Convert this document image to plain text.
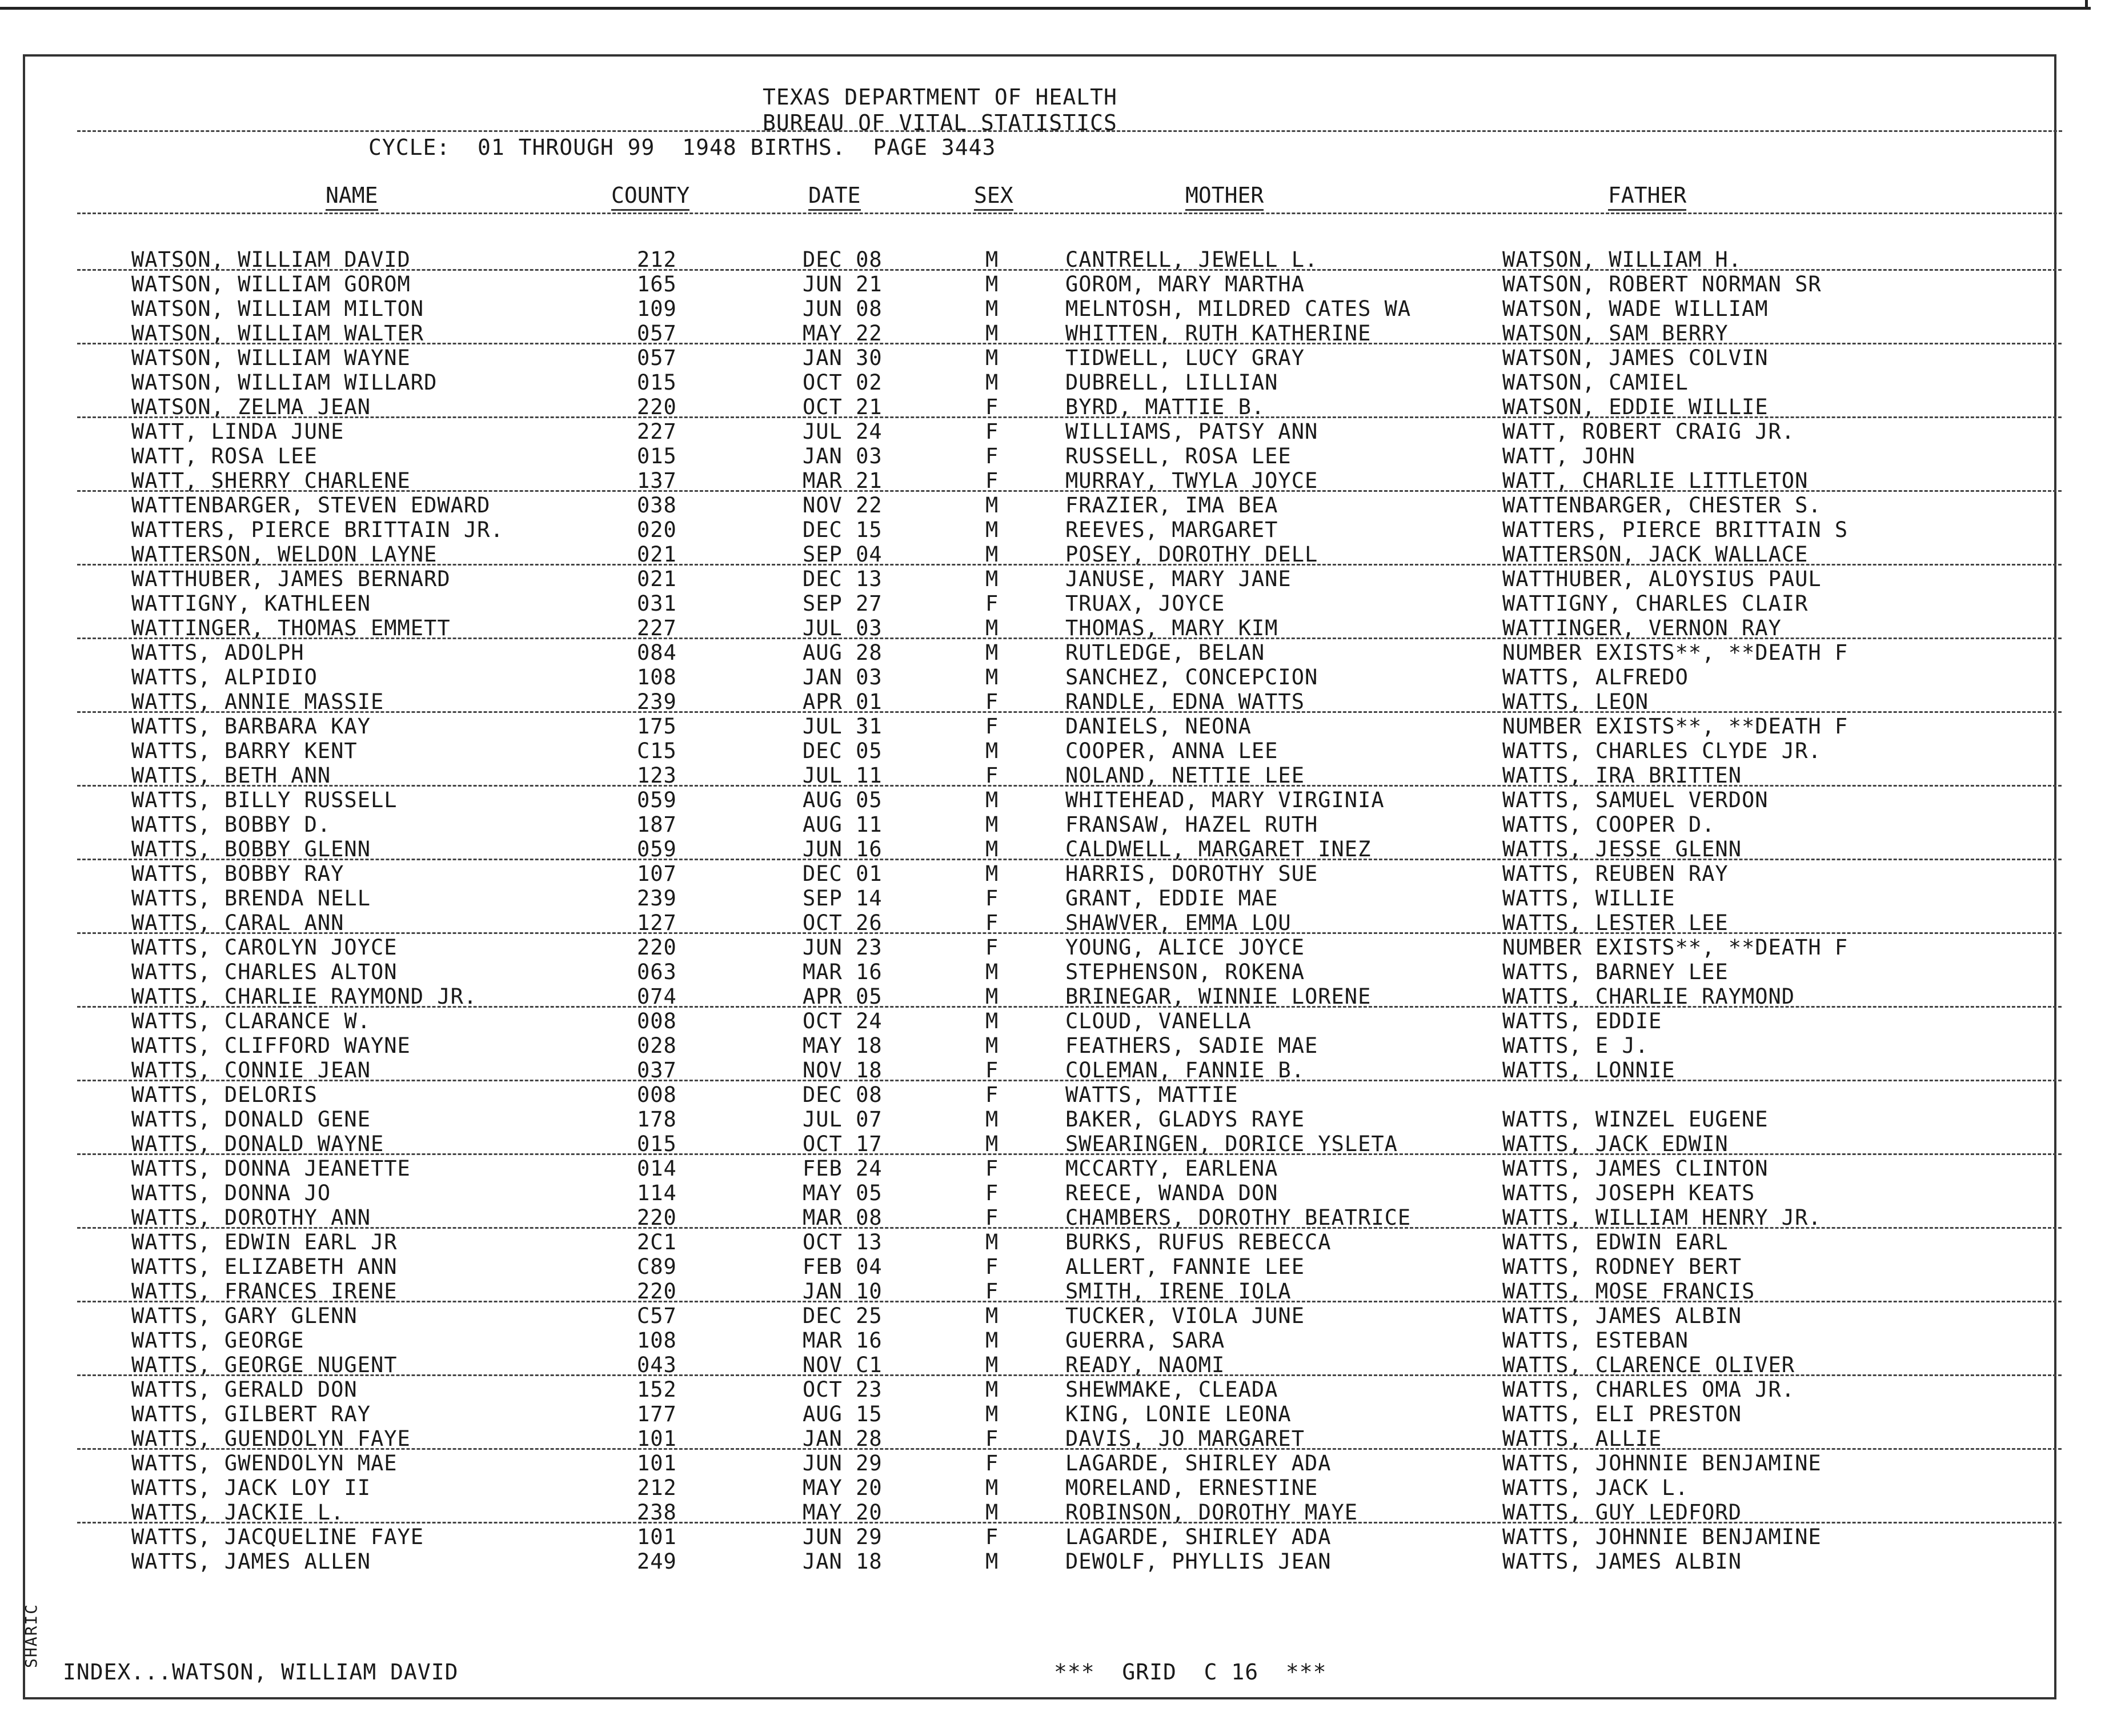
SHARIC
TEXAS DEPARTMENT OF HEALTH
BUREAU OF VITAL STATISTICS
CYCLE:  01 THROUGH 99  1948 BIRTHS.  PAGE 3443
NAME	COUNTY	DATE	SEX	MOTHER	FATHER
WATSON, WILLIAM DAVID	212	DEC 08	M	CANTRELL, JEWELL L.	WATSON, WILLIAM H.
WATSON, WILLIAM GOROM	165	JUN 21	M	GOROM, MARY MARTHA	WATSON, ROBERT NORMAN SR
WATSON, WILLIAM MILTON	109	JUN 08	M	MELNTOSH, MILDRED CATES WA	WATSON, WADE WILLIAM
WATSON, WILLIAM WALTER	057	MAY 22	M	WHITTEN, RUTH KATHERINE	WATSON, SAM BERRY
WATSON, WILLIAM WAYNE	057	JAN 30	M	TIDWELL, LUCY GRAY	WATSON, JAMES COLVIN
WATSON, WILLIAM WILLARD	015	OCT 02	M	DUBRELL, LILLIAN	WATSON, CAMIEL
WATSON, ZELMA JEAN	220	OCT 21	F	BYRD, MATTIE B.	WATSON, EDDIE WILLIE
WATT, LINDA JUNE	227	JUL 24	F	WILLIAMS, PATSY ANN	WATT, ROBERT CRAIG JR.
WATT, ROSA LEE	015	JAN 03	F	RUSSELL, ROSA LEE	WATT, JOHN
WATT, SHERRY CHARLENE	137	MAR 21	F	MURRAY, TWYLA JOYCE	WATT, CHARLIE LITTLETON
WATTENBARGER, STEVEN EDWARD	038	NOV 22	M	FRAZIER, IMA BEA	WATTENBARGER, CHESTER S.
WATTERS, PIERCE BRITTAIN JR.	020	DEC 15	M	REEVES, MARGARET	WATTERS, PIERCE BRITTAIN S
WATTERSON, WELDON LAYNE	021	SEP 04	M	POSEY, DOROTHY DELL	WATTERSON, JACK WALLACE
WATTHUBER, JAMES BERNARD	021	DEC 13	M	JANUSE, MARY JANE	WATTHUBER, ALOYSIUS PAUL
WATTIGNY, KATHLEEN	031	SEP 27	F	TRUAX, JOYCE	WATTIGNY, CHARLES CLAIR
WATTINGER, THOMAS EMMETT	227	JUL 03	M	THOMAS, MARY KIM	WATTINGER, VERNON RAY
WATTS, ADOLPH	084	AUG 28	M	RUTLEDGE, BELAN	NUMBER EXISTS**, **DEATH F
WATTS, ALPIDIO	108	JAN 03	M	SANCHEZ, CONCEPCION	WATTS, ALFREDO
WATTS, ANNIE MASSIE	239	APR 01	F	RANDLE, EDNA WATTS	WATTS, LEON
WATTS, BARBARA KAY	175	JUL 31	F	DANIELS, NEONA	NUMBER EXISTS**, **DEATH F
WATTS, BARRY KENT	C15	DEC 05	M	COOPER, ANNA LEE	WATTS, CHARLES CLYDE JR.
WATTS, BETH ANN	123	JUL 11	F	NOLAND, NETTIE LEE	WATTS, IRA BRITTEN
WATTS, BILLY RUSSELL	059	AUG 05	M	WHITEHEAD, MARY VIRGINIA	WATTS, SAMUEL VERDON
WATTS, BOBBY D.	187	AUG 11	M	FRANSAW, HAZEL RUTH	WATTS, COOPER D.
WATTS, BOBBY GLENN	059	JUN 16	M	CALDWELL, MARGARET INEZ	WATTS, JESSE GLENN
WATTS, BOBBY RAY	107	DEC 01	M	HARRIS, DOROTHY SUE	WATTS, REUBEN RAY
WATTS, BRENDA NELL	239	SEP 14	F	GRANT, EDDIE MAE	WATTS, WILLIE
WATTS, CARAL ANN	127	OCT 26	F	SHAWVER, EMMA LOU	WATTS, LESTER LEE
WATTS, CAROLYN JOYCE	220	JUN 23	F	YOUNG, ALICE JOYCE	NUMBER EXISTS**, **DEATH F
WATTS, CHARLES ALTON	063	MAR 16	M	STEPHENSON, ROKENA	WATTS, BARNEY LEE
WATTS, CHARLIE RAYMOND JR.	074	APR 05	M	BRINEGAR, WINNIE LORENE	WATTS, CHARLIE RAYMOND
WATTS, CLARANCE W.	008	OCT 24	M	CLOUD, VANELLA	WATTS, EDDIE
WATTS, CLIFFORD WAYNE	028	MAY 18	M	FEATHERS, SADIE MAE	WATTS, E J.
WATTS, CONNIE JEAN	037	NOV 18	F	COLEMAN, FANNIE B.	WATTS, LONNIE
WATTS, DELORIS	008	DEC 08	F	WATTS, MATTIE
WATTS, DONALD GENE	178	JUL 07	M	BAKER, GLADYS RAYE	WATTS, WINZEL EUGENE
WATTS, DONALD WAYNE	015	OCT 17	M	SWEARINGEN, DORICE YSLETA	WATTS, JACK EDWIN
WATTS, DONNA JEANETTE	014	FEB 24	F	MCCARTY, EARLENA	WATTS, JAMES CLINTON
WATTS, DONNA JO	114	MAY 05	F	REECE, WANDA DON	WATTS, JOSEPH KEATS
WATTS, DOROTHY ANN	220	MAR 08	F	CHAMBERS, DOROTHY BEATRICE	WATTS, WILLIAM HENRY JR.
WATTS, EDWIN EARL JR	2C1	OCT 13	M	BURKS, RUFUS REBECCA	WATTS, EDWIN EARL
WATTS, ELIZABETH ANN	C89	FEB 04	F	ALLERT, FANNIE LEE	WATTS, RODNEY BERT
WATTS, FRANCES IRENE	220	JAN 10	F	SMITH, IRENE IOLA	WATTS, MOSE FRANCIS
WATTS, GARY GLENN	C57	DEC 25	M	TUCKER, VIOLA JUNE	WATTS, JAMES ALBIN
WATTS, GEORGE	108	MAR 16	M	GUERRA, SARA	WATTS, ESTEBAN
WATTS, GEORGE NUGENT	043	NOV C1	M	READY, NAOMI	WATTS, CLARENCE OLIVER
WATTS, GERALD DON	152	OCT 23	M	SHEWMAKE, CLEADA	WATTS, CHARLES OMA JR.
WATTS, GILBERT RAY	177	AUG 15	M	KING, LONIE LEONA	WATTS, ELI PRESTON
WATTS, GUENDOLYN FAYE	101	JAN 28	F	DAVIS, JO MARGARET	WATTS, ALLIE
WATTS, GWENDOLYN MAE	101	JUN 29	F	LAGARDE, SHIRLEY ADA	WATTS, JOHNNIE BENJAMINE
WATTS, JACK LOY II	212	MAY 20	M	MORELAND, ERNESTINE	WATTS, JACK L.
WATTS, JACKIE L.	238	MAY 20	M	ROBINSON, DOROTHY MAYE	WATTS, GUY LEDFORD
WATTS, JACQUELINE FAYE	101	JUN 29	F	LAGARDE, SHIRLEY ADA	WATTS, JOHNNIE BENJAMINE
WATTS, JAMES ALLEN	249	JAN 18	M	DEWOLF, PHYLLIS JEAN	WATTS, JAMES ALBIN
INDEX...WATSON, WILLIAM DAVID	***  GRID  C 16  ***
